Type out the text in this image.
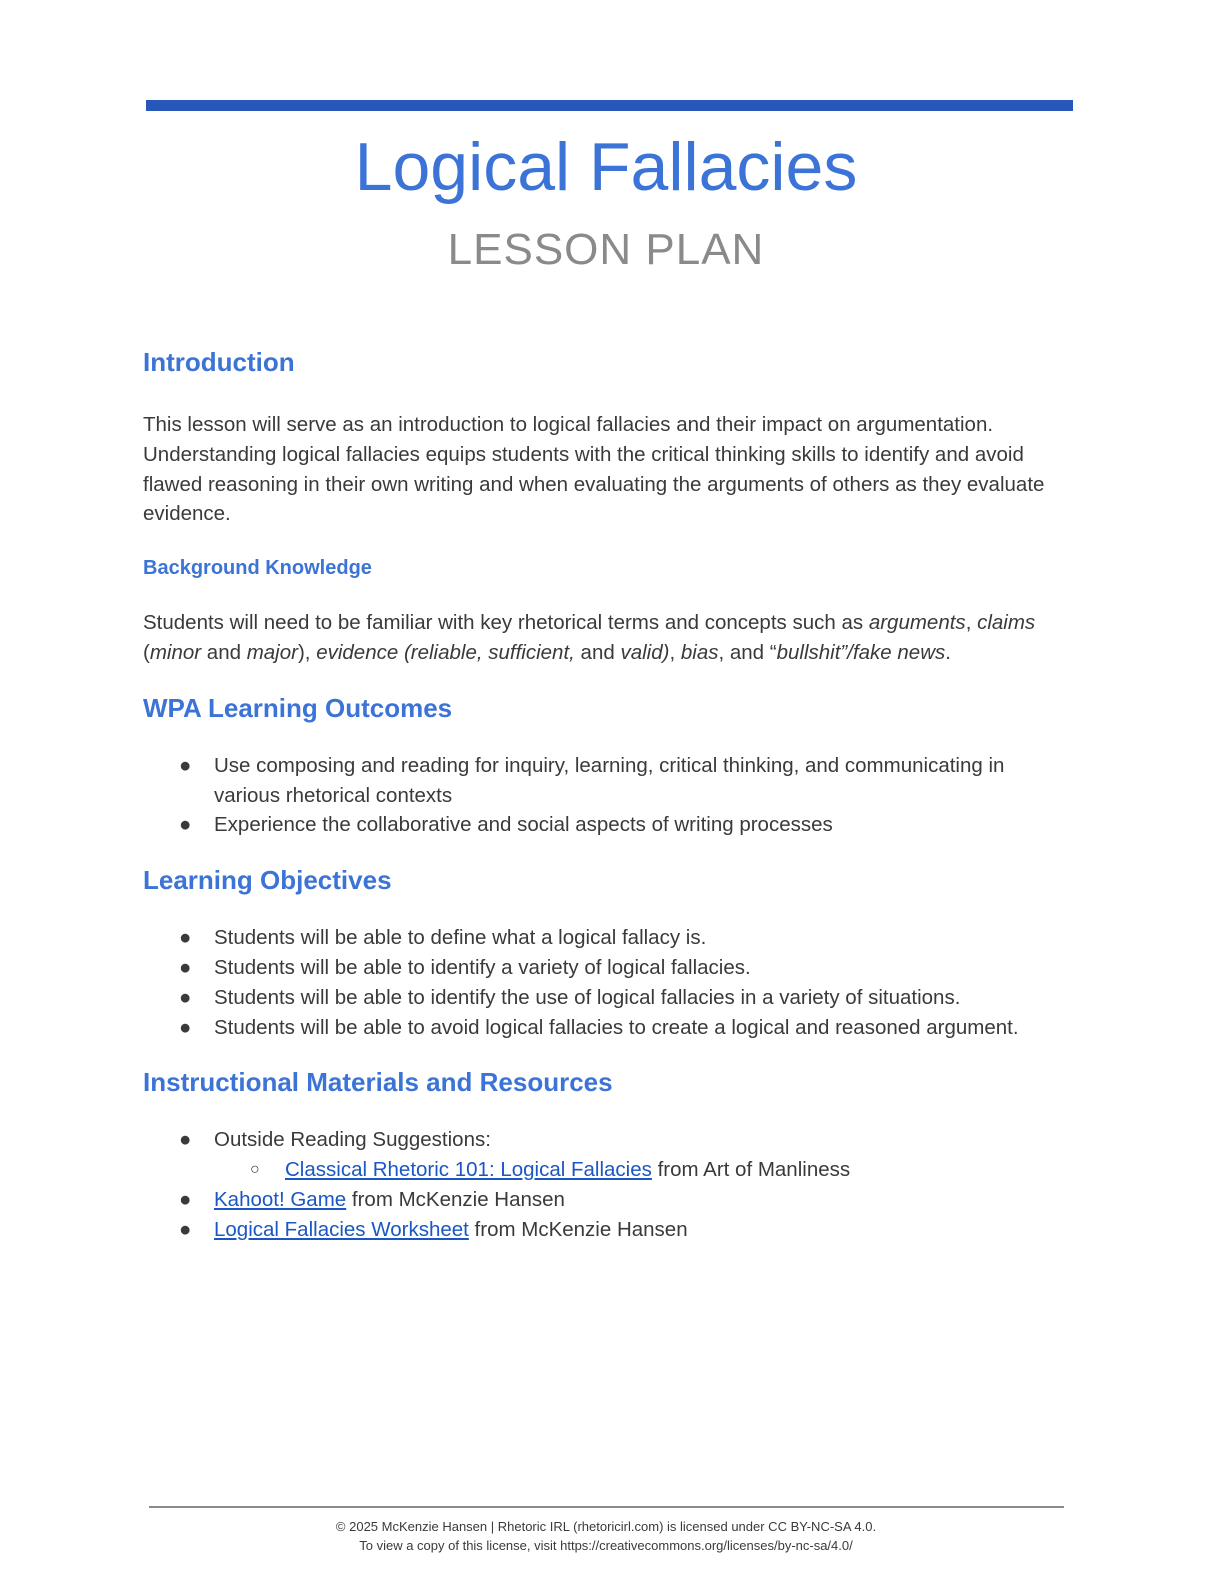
Logical Fallacies
LESSON PLAN
Introduction

This lesson will serve as an introduction to logical fallacies and their impact on argumentation. Understanding logical fallacies equips students with the critical thinking skills to identify and avoid flawed reasoning in their own writing and when evaluating the arguments of others as they evaluate evidence.

Background Knowledge

Students will need to be familiar with key rhetorical terms and concepts such as arguments, claims (minor and major), evidence (reliable, sufficient, and valid), bias, and “bullshit”/fake news.

WPA Learning Outcomes
● Use composing and reading for inquiry, learning, critical thinking, and communicating in various rhetorical contexts
● Experience the collaborative and social aspects of writing processes
Learning Objectives
● Students will be able to define what a logical fallacy is.
● Students will be able to identify a variety of logical fallacies.
● Students will be able to identify the use of logical fallacies in a variety of situations.
● Students will be able to avoid logical fallacies to create a logical and reasoned argument.
Instructional Materials and Resources
● Outside Reading Suggestions:
○ Classical Rhetoric 101: Logical Fallacies from Art of Manliness
● Kahoot! Game from McKenzie Hansen
● Logical Fallacies Worksheet from McKenzie Hansen
© 2025 McKenzie Hansen | Rhetoric IRL (rhetoricirl.com) is licensed under CC BY-NC-SA 4.0.
To view a copy of this license, visit https://creativecommons.org/licenses/by-nc-sa/4.0/
